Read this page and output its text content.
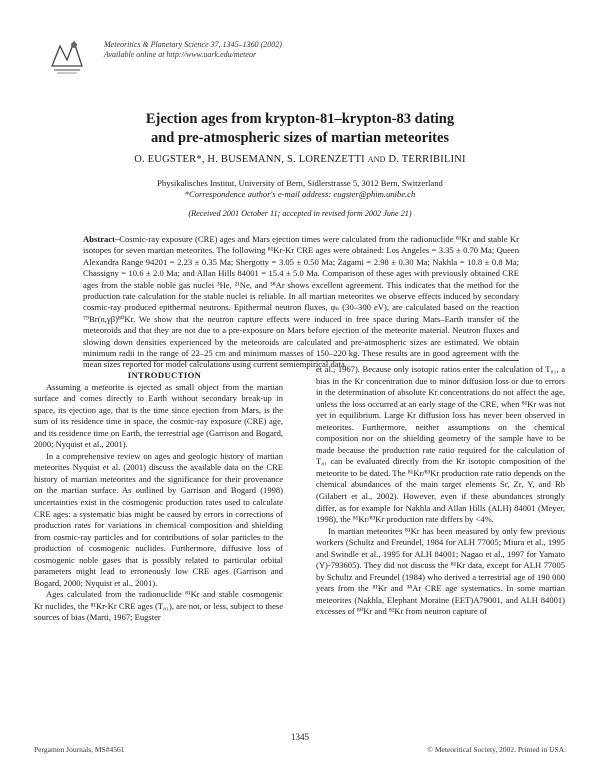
Meteoritics & Planetary Science 37, 1345–1360 (2002)
Available online at http://www.uark.edu/meteor
Ejection ages from krypton-81–krypton-83 dating
and pre-atmospheric sizes of martian meteorites
O. EUGSTER*, H. BUSEMANN, S. LORENZETTI AND D. TERRIBILINI
Physikalisches Institut, University of Bern, Sidlerstrasse 5, 3012 Bern, Switzerland
*Correspondence author's e-mail address: eugster@phim.unibe.ch
(Received 2001 October 11; accepted in revised form 2002 June 21)
Abstract–Cosmic-ray exposure (CRE) ages and Mars ejection times were calculated from the radionuclide ⁸¹Kr and stable Kr isotopes for seven martian meteorites. The following ⁸¹Kr-Kr CRE ages were obtained: Los Angeles = 3.35 ± 0.70 Ma; Queen Alexandra Range 94201 = 2.23 ± 0.35 Ma; Shergotty = 3.05 ± 0.50 Ma; Zagami = 2.98 ± 0.30 Ma; Nakhla = 10.8 ± 0.8 Ma; Chassigny = 10.6 ± 2.0 Ma; and Allan Hills 84001 = 15.4 ± 5.0 Ma. Comparison of these ages with previously obtained CRE ages from the stable noble gas nuclei ³He, ²¹Ne, and ³⁸Ar shows excellent agreement. This indicates that the method for the production rate calculation for the stable nuclei is reliable. In all martian meteorites we observe effects induced by secondary cosmic-ray produced epithermal neutrons. Epithermal neutron fluxes, φₙ (30–300 eV), are calculated based on the reaction ⁷⁹Br(n,γβ)⁸⁰Kr. We show that the neutron capture effects were induced in free space during Mars–Earth transfer of the meteoroids and that they are not due to a pre-exposure on Mars before ejection of the meteorite material. Neutron fluxes and slowing down densities experienced by the meteoroids are calculated and pre-atmospheric sizes are estimated. We obtain minimum radii in the range of 22–25 cm and minimum masses of 150–220 kg. These results are in good agreement with the mean sizes reported for model calculations using current semiempirical data.

INTRODUCTION

Assuming a meteorite is ejected as small object from the martian surface and comes directly to Earth without secondary break-up in space, its ejection age, that is the time since ejection from Mars, is the sum of its residence time in space, the cosmic-ray exposure (CRE) age, and its residence time on Earth, the terrestrial age (Garrison and Bogard, 2000; Nyquist et al., 2001).

In a comprehensive review on ages and geologic history of martian meteorites Nyquist et al. (2001) discuss the available data on the CRE history of martian meteorites and the significance for their provenance on the martian surface. As outlined by Garrison and Bogard (1998) uncertainties exist in the cosmogenic production rates used to calculate CRE ages: a systematic bias might be caused by errors in corrections of production rates for variations in chemical composition and shielding from cosmic-ray particles and for contributions of solar particles to the production of cosmogenic nuclides. Furthermore, diffusive loss of cosmogenic noble gases that is possibly related to particular orbital parameters might lead to erroneously low CRE ages (Garrison and Bogard, 2000; Nyquist et al., 2001).

Ages calculated from the radionuclide ⁸¹Kr and stable cosmogenic Kr nuclides, the ⁸¹Kr-Kr CRE ages (T₈₁), are not, or less, subject to these sources of bias (Marti, 1967; Eugster

et al., 1967). Because only isotopic ratios enter the calculation of T₈₁, a bias in the Kr concentration due to minor diffusion loss or due to errors in the determination of absolute Kr concentrations do not affect the age, unless the loss occurred at an early stage of the CRE, when ⁸¹Kr was not yet in equilibrium. Large Kr diffusion loss has never been observed in meteorites. Furthermore, neither assumptions on the chemical composition nor on the shielding geometry of the sample have to be made because the production rate ratio required for the calculation of T₈₁ can be evaluated directly from the Kr isotopic composition of the meteorite to be dated. The ⁸¹Kr/⁸³Kr production rate ratio depends on the chemical abundances of the main target elements Sr, Zr, Y, and Rb (Gilabert et al., 2002). However, even if these abundances strongly differ, as for example for Nakhla and Allan Hills (ALH) 84001 (Meyer, 1998), the ⁸¹Kr/⁸³Kr production rate differs by <4%.

In martian meteorites ⁸¹Kr has been measured by only few previous workers (Schultz and Freundel, 1984 for ALH 77005; Miura et al., 1995 and Swindle et al., 1995 for ALH 84001; Nagao et al., 1997 for Yamato (Y)-793605). They did not discuss the ⁸¹Kr data, except for ALH 77005 by Schultz and Freundel (1984) who derived a terrestrial age of 190 000 years from the ⁸¹Kr and ³⁸Ar CRE age systematics. In some martian meteorites (Nakhla, Elephant Moraine (EET)A79001, and ALH 84001) excesses of ⁸⁰Kr and ⁸²Kr from neutron capture of

1345
Pergamon Journals, MS#4561	© Meteoritical Society, 2002. Printed in USA.
